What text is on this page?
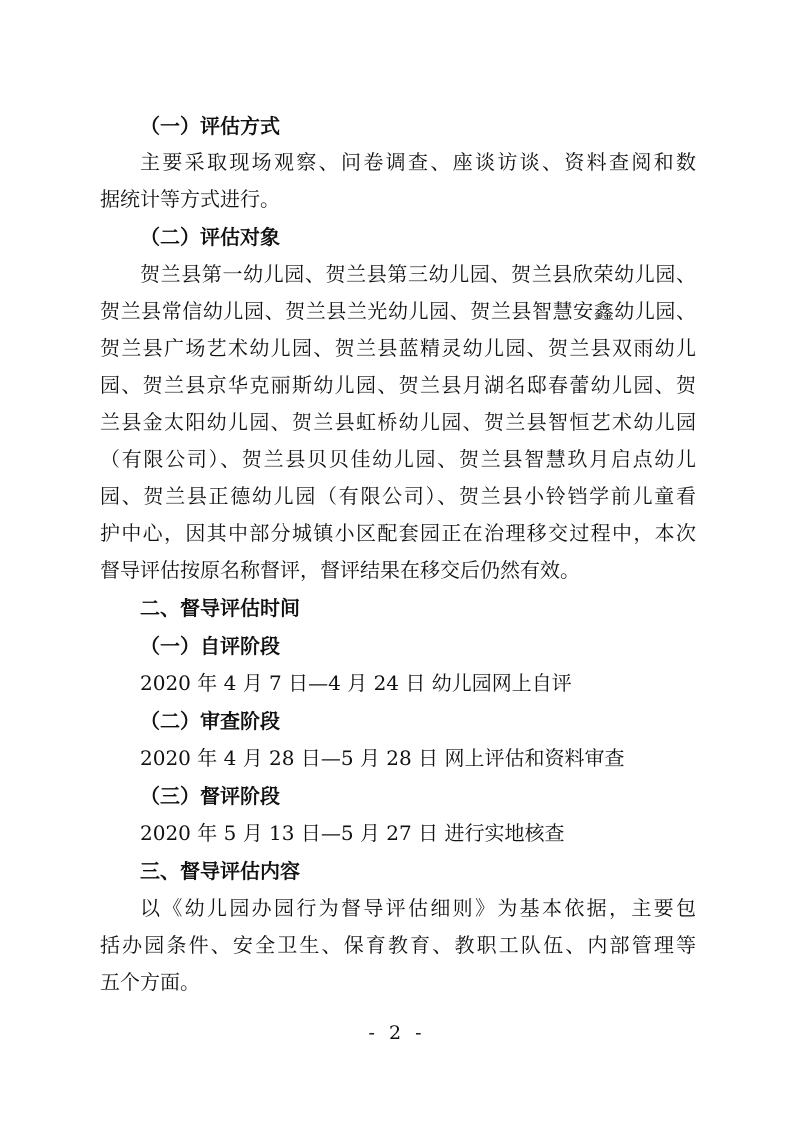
（一）评估方式
主要采取现场观察、问卷调查、座谈访谈、资料查阅和数
据统计等方式进行。
（二）评估对象
贺兰县第一幼儿园、贺兰县第三幼儿园、贺兰县欣荣幼儿园、
贺兰县常信幼儿园、贺兰县兰光幼儿园、贺兰县智慧安鑫幼儿园、
贺兰县广场艺术幼儿园、贺兰县蓝精灵幼儿园、贺兰县双雨幼儿
园、贺兰县京华克丽斯幼儿园、贺兰县月湖名邸春蕾幼儿园、贺
兰县金太阳幼儿园、贺兰县虹桥幼儿园、贺兰县智恒艺术幼儿园
（有限公司）、贺兰县贝贝佳幼儿园、贺兰县智慧玖月启点幼儿
园、贺兰县正德幼儿园（有限公司）、贺兰县小铃铛学前儿童看
护中心，因其中部分城镇小区配套园正在治理移交过程中，本次
督导评估按原名称督评，督评结果在移交后仍然有效。
二、督导评估时间
（一）自评阶段
2020 年 4 月 7 日—4 月 24 日 幼儿园网上自评
（二）审查阶段
2020 年 4 月 28 日—5 月 28 日 网上评估和资料审查
（三）督评阶段
2020 年 5 月 13 日—5 月 27 日 进行实地核查
三、督导评估内容
以《幼儿园办园行为督导评估细则》为基本依据，主要包
括办园条件、安全卫生、保育教育、教职工队伍、内部管理等
五个方面。
- 2 -
